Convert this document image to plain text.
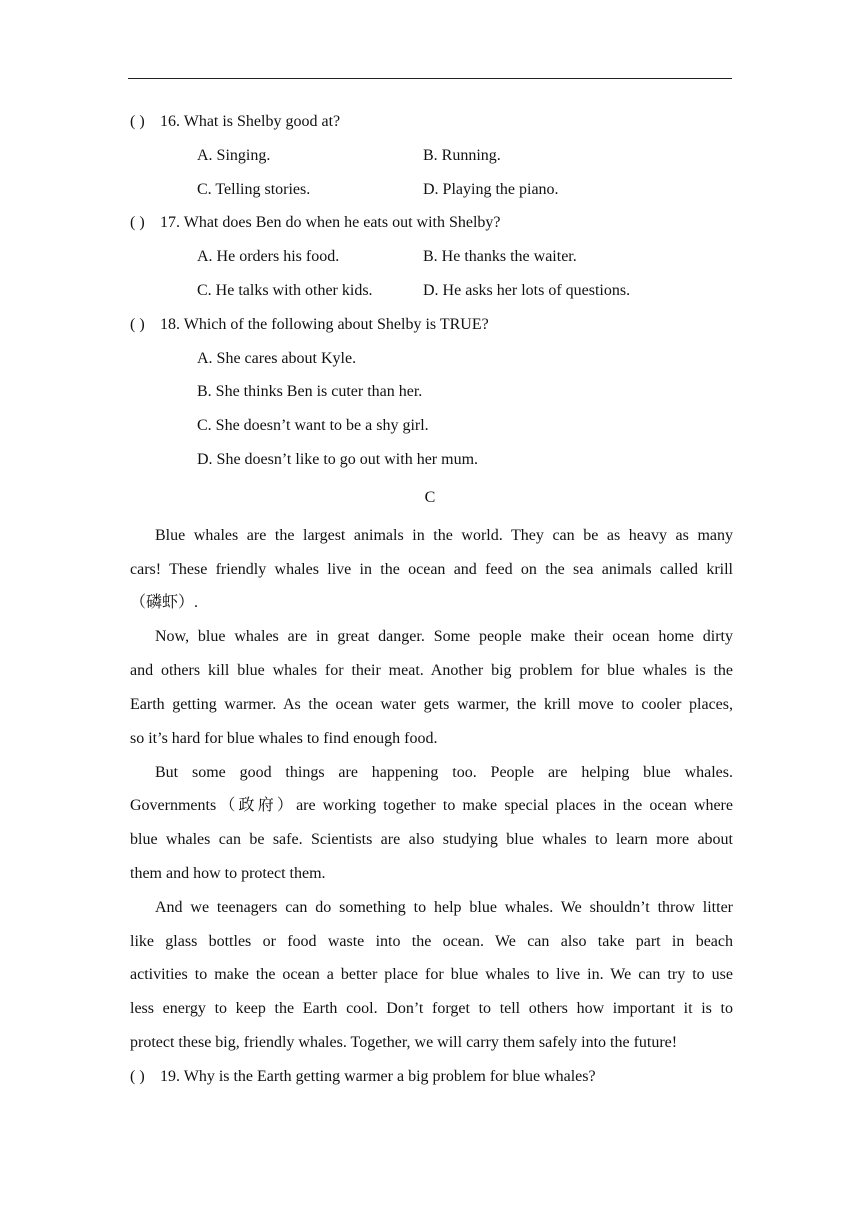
( ) 16. What is Shelby good at?
A. Singing.	B. Running.
C. Telling stories.	D. Playing the piano.
( ) 17. What does Ben do when he eats out with Shelby?
A. He orders his food.	B. He thanks the waiter.
C. He talks with other kids.	D. He asks her lots of questions.
( ) 18. Which of the following about Shelby is TRUE?
A. She cares about Kyle.
B. She thinks Ben is cuter than her.
C. She doesn’t want to be a shy girl.
D. She doesn’t like to go out with her mum.
C
Blue whales are the largest animals in the world. They can be as heavy as many
cars! These friendly whales live in the ocean and feed on the sea animals called krill
（磷虾）.
Now, blue whales are in great danger. Some people make their ocean home dirty
and others kill blue whales for their meat. Another big problem for blue whales is the
Earth getting warmer. As the ocean water gets warmer, the krill move to cooler places,
so it’s hard for blue whales to find enough food.
But some good things are happening too. People are helping blue whales.
Governments（政府）are working together to make special places in the ocean where
blue whales can be safe. Scientists are also studying blue whales to learn more about
them and how to protect them.
And we teenagers can do something to help blue whales. We shouldn’t throw litter
like glass bottles or food waste into the ocean. We can also take part in beach
activities to make the ocean a better place for blue whales to live in. We can try to use
less energy to keep the Earth cool. Don’t forget to tell others how important it is to
protect these big, friendly whales. Together, we will carry them safely into the future!
( ) 19. Why is the Earth getting warmer a big problem for blue whales?
